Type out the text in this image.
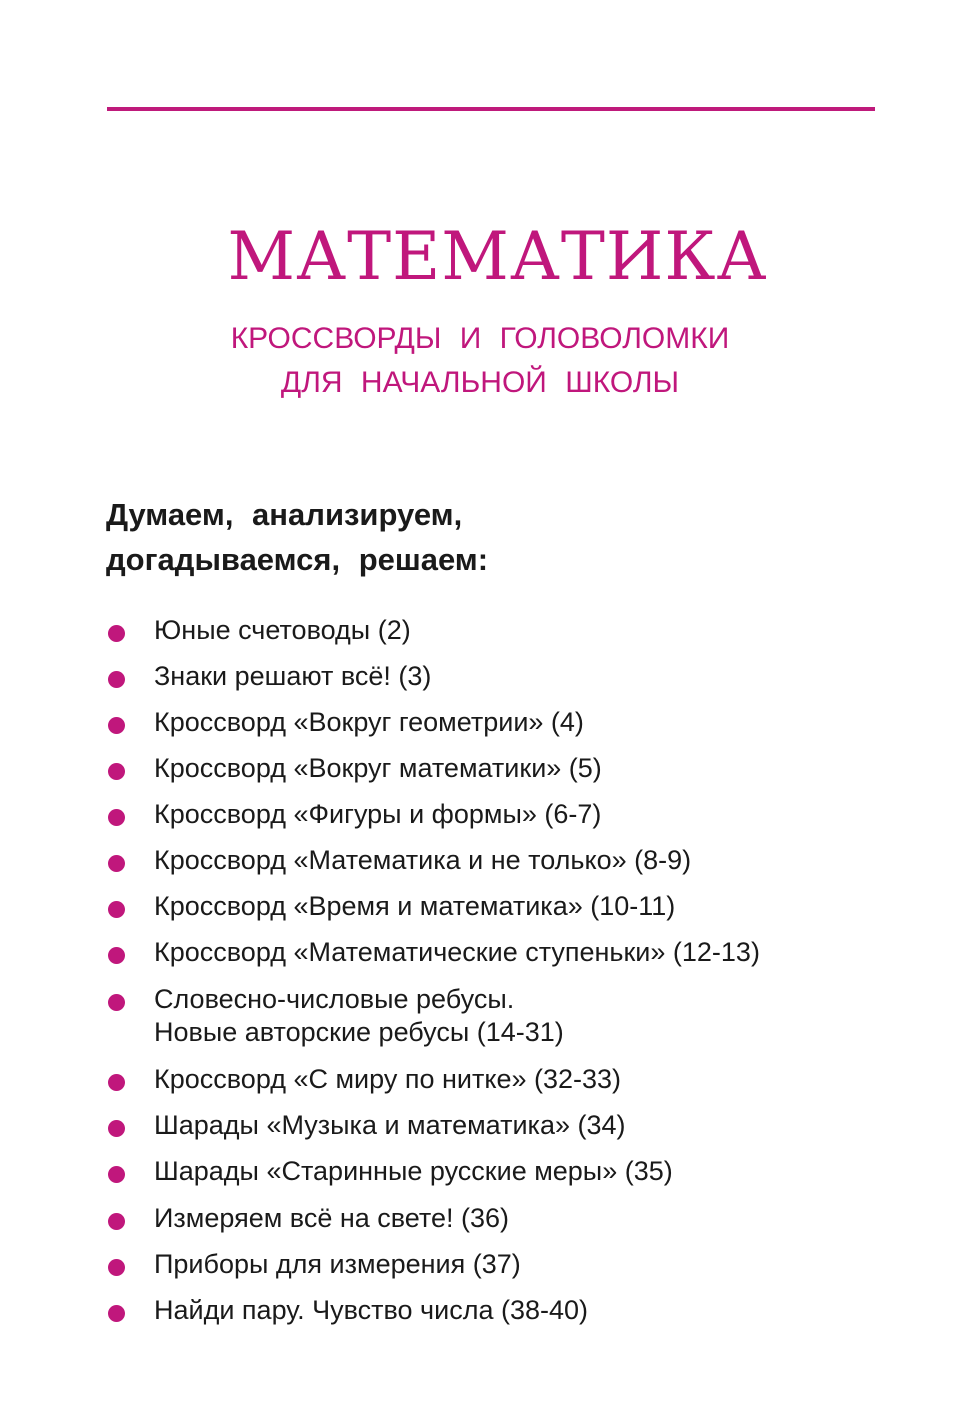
МАТЕМАТИКА

КРОССВОРДЫ И ГОЛОВОЛОМКИ

ДЛЯ НАЧАЛЬНОЙ ШКОЛЫ

Думаем, анализируем,
догадываемся, решаем:
Юные счетоводы (2)
Знаки решают всё! (3)
Кроссворд «Вокруг геометрии» (4)
Кроссворд «Вокруг математики» (5)
Кроссворд «Фигуры и формы» (6-7)
Кроссворд «Математика и не только» (8-9)
Кроссворд «Время и математика» (10-11)
Кроссворд «Математические ступеньки» (12-13)
Словесно-числовые ребусы.
Новые авторские ребусы (14-31)
Кроссворд «С миру по нитке» (32-33)
Шарады «Музыка и математика» (34)
Шарады «Старинные русские меры» (35)
Измеряем всё на свете! (36)
Приборы для измерения (37)
Найди пару. Чувство числа (38-40)
